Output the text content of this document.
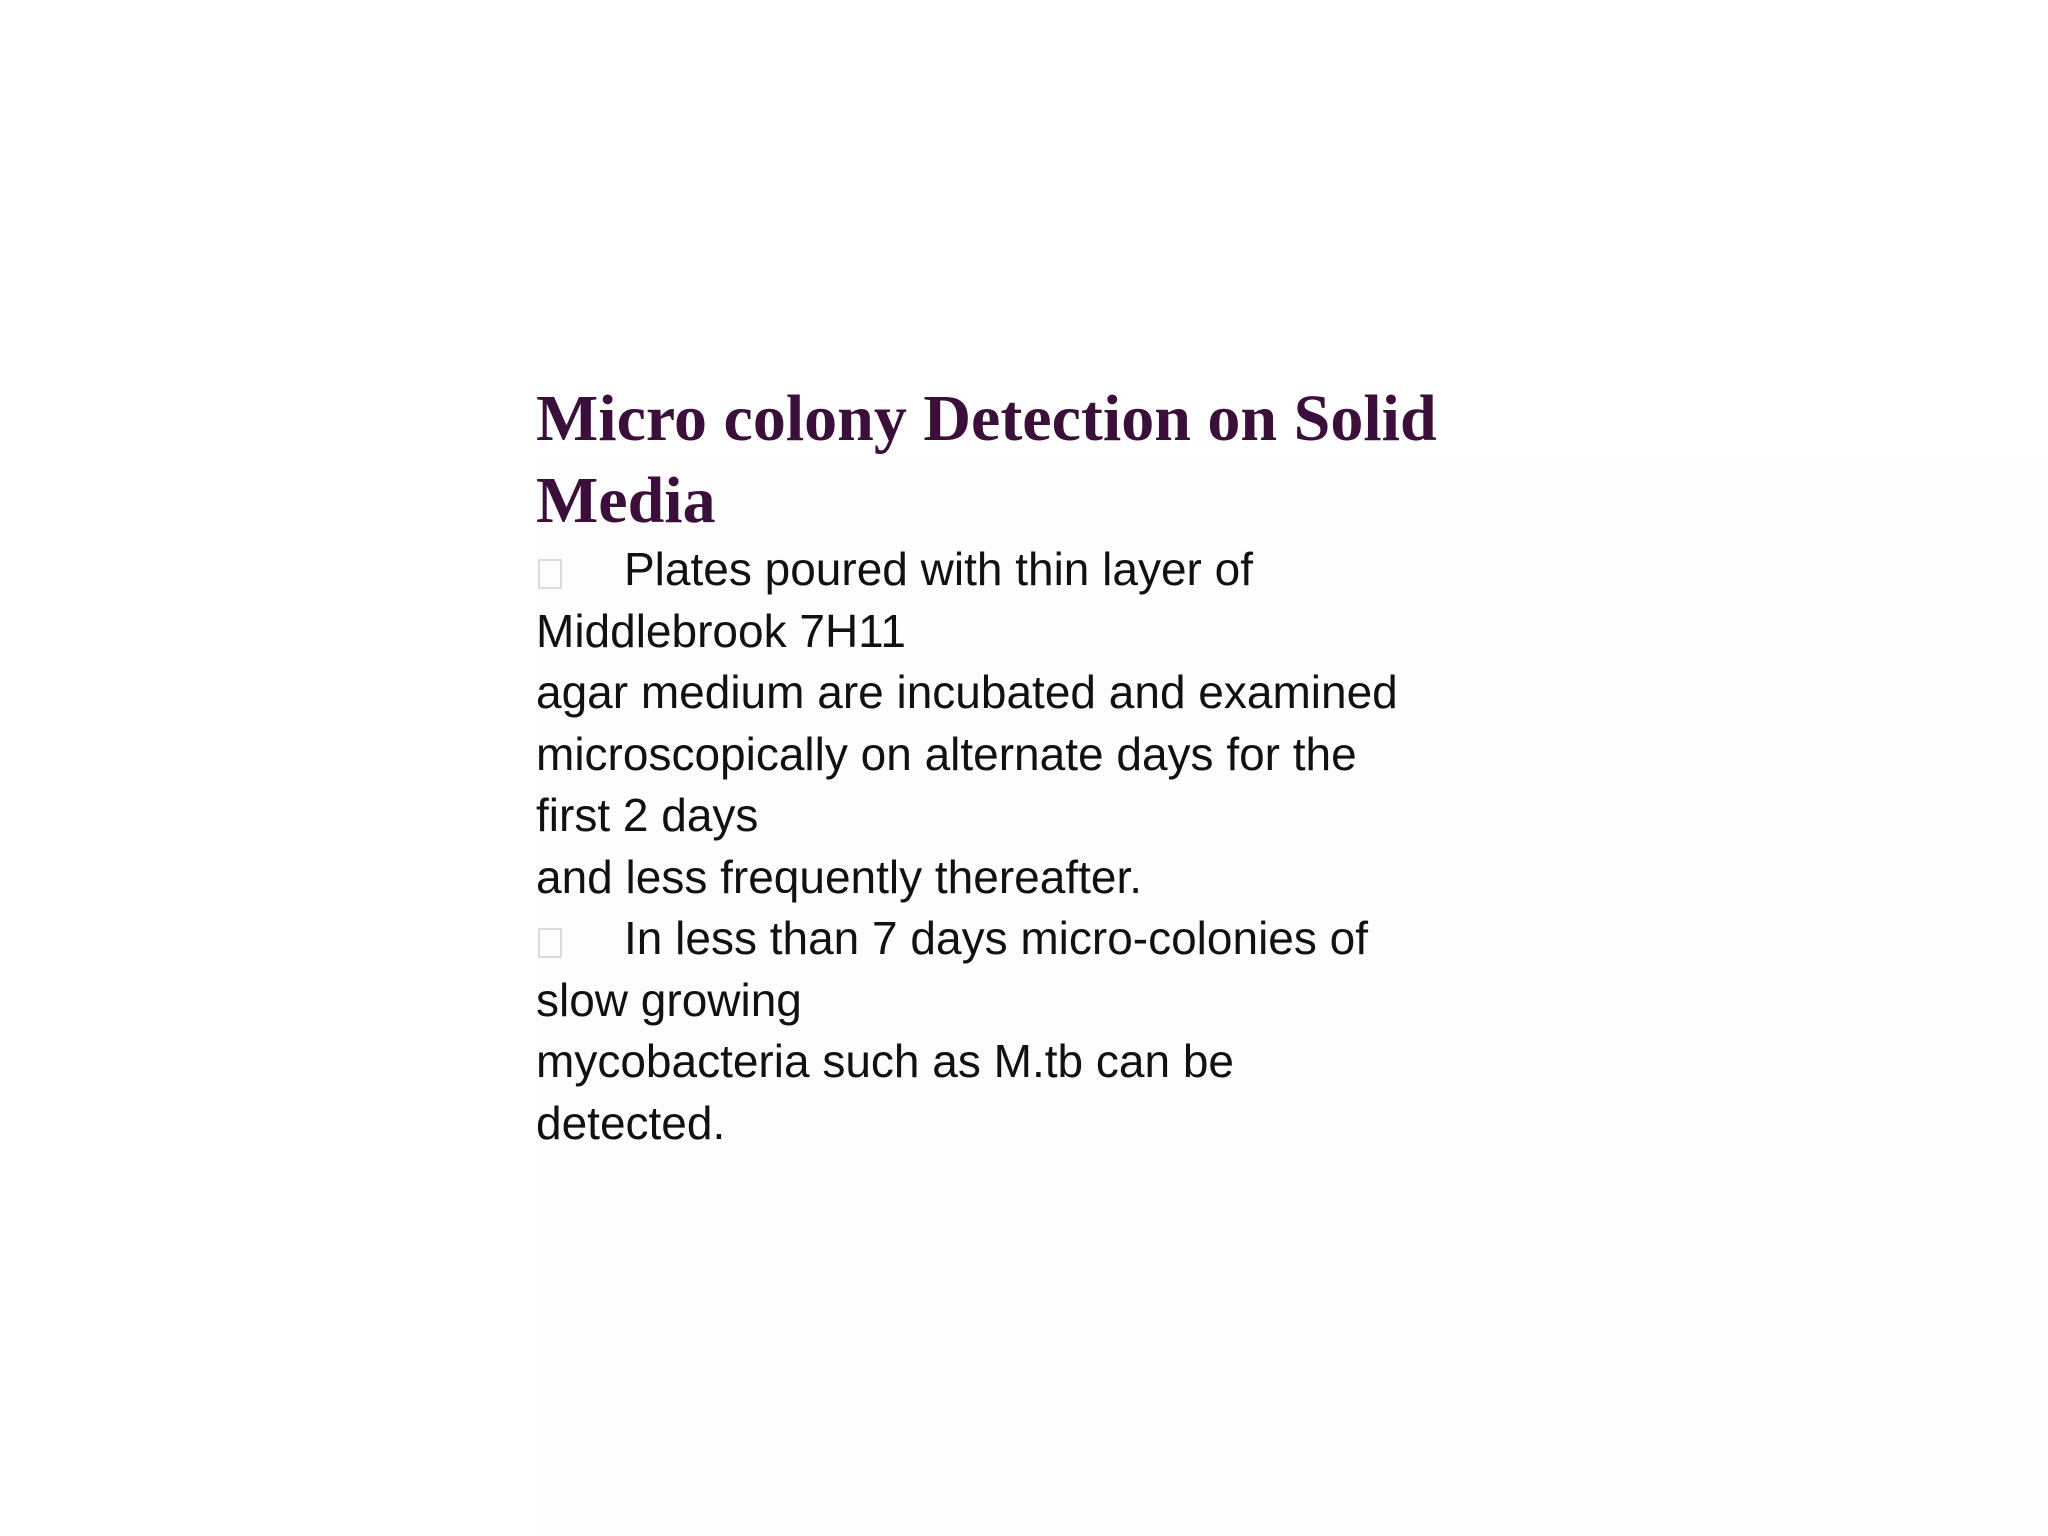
Micro colony Detection on Solid
Media
Plates poured with thin layer of
Middlebrook 7H11
agar medium are incubated and examined
microscopically on alternate days for the
first 2 days
and less frequently thereafter.
In less than 7 days micro-colonies of
slow growing
mycobacteria such as M.tb can be
detected.
